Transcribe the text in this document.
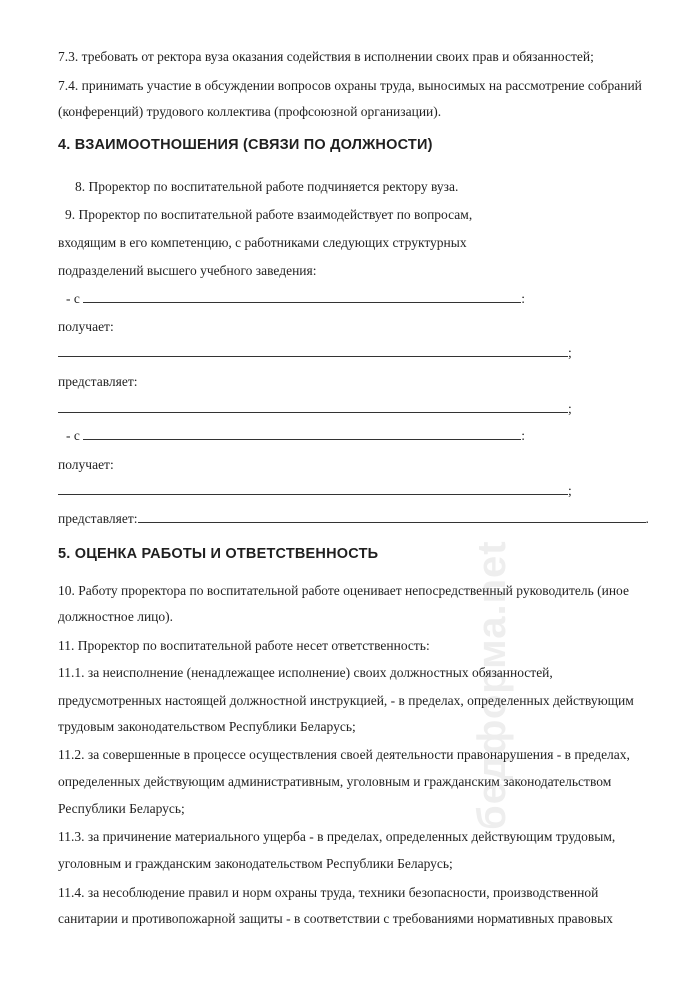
7.3. требовать от ректора вуза оказания содействия в исполнении своих прав и обязанностей;
7.4. принимать участие в обсуждении вопросов охраны труда, выносимых на рассмотрение собраний
(конференций) трудового коллектива (профсоюзной организации).
4. ВЗАИМООТНОШЕНИЯ (СВЯЗИ ПО ДОЛЖНОСТИ)
8. Проректор по воспитательной работе подчиняется ректору вуза.
9. Проректор по воспитательной работе взаимодействует по вопросам,
входящим в его компетенцию, с работниками следующих структурных
подразделений высшего учебного заведения:
- с	:
получает:
;
представляет:
;
- с	:
получает:
;
представляет:	.
5. ОЦЕНКА РАБОТЫ И ОТВЕТСТВЕННОСТЬ
10. Работу проректора по воспитательной работе оценивает непосредственный руководитель (иное
должностное лицо).
11. Проректор по воспитательной работе несет ответственность:
11.1. за неисполнение (ненадлежащее исполнение) своих должностных обязанностей,
предусмотренных настоящей должностной инструкцией, - в пределах, определенных действующим
трудовым законодательством Республики Беларусь;
11.2. за совершенные в процессе осуществления своей деятельности правонарушения - в пределах,
определенных действующим административным, уголовным и гражданским законодательством
Республики Беларусь;
11.3. за причинение материального ущерба - в пределах, определенных действующим трудовым,
уголовным и гражданским законодательством Республики Беларусь;
11.4. за несоблюдение правил и норм охраны труда, техники безопасности, производственной
санитарии и противопожарной защиты - в соответствии с требованиями нормативных правовых
бедформа.net
